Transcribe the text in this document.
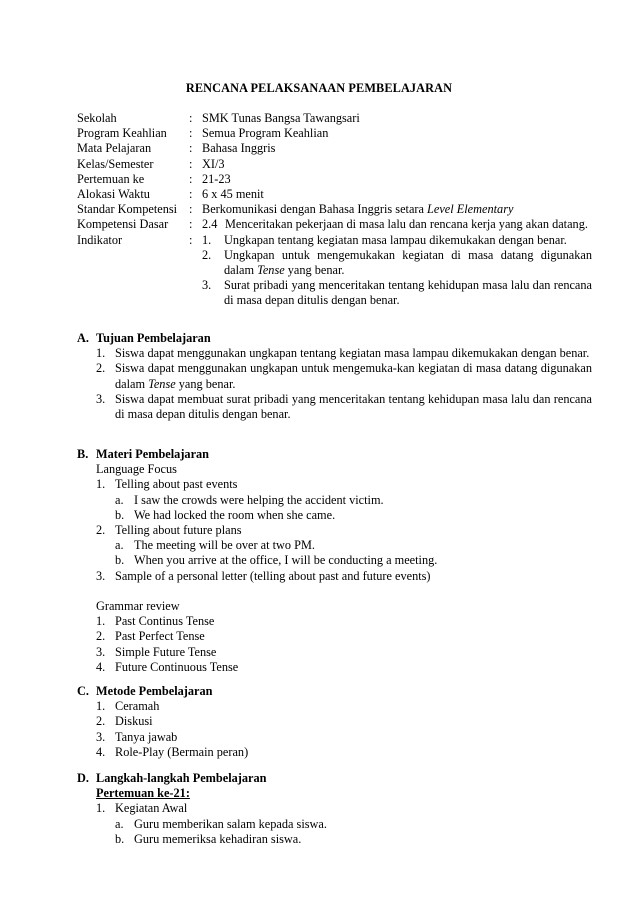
RENCANA PELAKSANAAN PEMBELAJARAN
Sekolah	: SMK Tunas Bangsa Tawangsari
Program Keahlian	: Semua Program Keahlian
Mata Pelajaran	: Bahasa Inggris
Kelas/Semester	: XI/3
Pertemuan ke	: 21-23
Alokasi Waktu	: 6 x 45 menit
Standar Kompetensi : Berkomunikasi dengan Bahasa Inggris setara Level Elementary
Kompetensi Dasar	: 2.4 Menceritakan pekerjaan di masa lalu dan rencana kerja yang akan datang.
Indikator	: 1.	Ungkapan tentang kegiatan masa lampau dikemukakan dengan benar.
2.	Ungkapan untuk mengemukakan kegiatan di masa datang digunakan dalam Tense yang benar.
3.	Surat pribadi yang menceritakan tentang kehidupan masa lalu dan rencana di masa depan ditulis dengan benar.
A. Tujuan Pembelajaran
1. Siswa dapat menggunakan ungkapan tentang kegiatan masa lampau dikemukakan dengan benar.
2. Siswa dapat menggunakan ungkapan untuk mengemuka-kan kegiatan di masa datang digunakan dalam Tense yang benar.
3. Siswa dapat membuat surat pribadi yang menceritakan tentang kehidupan masa lalu dan rencana di masa depan ditulis dengan benar.
B. Materi Pembelajaran
Language Focus
1. Telling about past events
a. I saw the crowds were helping the accident victim.
b. We had locked the room when she came.
2. Telling about future plans
a. The meeting will be over at two PM.
b. When you arrive at the office, I will be conducting a meeting.
3. Sample of a personal letter (telling about past and future events)
Grammar review
1. Past Continus Tense
2. Past Perfect Tense
3. Simple Future Tense
4. Future Continuous Tense
C. Metode Pembelajaran
1. Ceramah
2. Diskusi
3. Tanya jawab
4. Role-Play (Bermain peran)
D. Langkah-langkah Pembelajaran
Pertemuan ke-21:
1. Kegiatan Awal
a. Guru memberikan salam kepada siswa.
b. Guru memeriksa kehadiran siswa.
